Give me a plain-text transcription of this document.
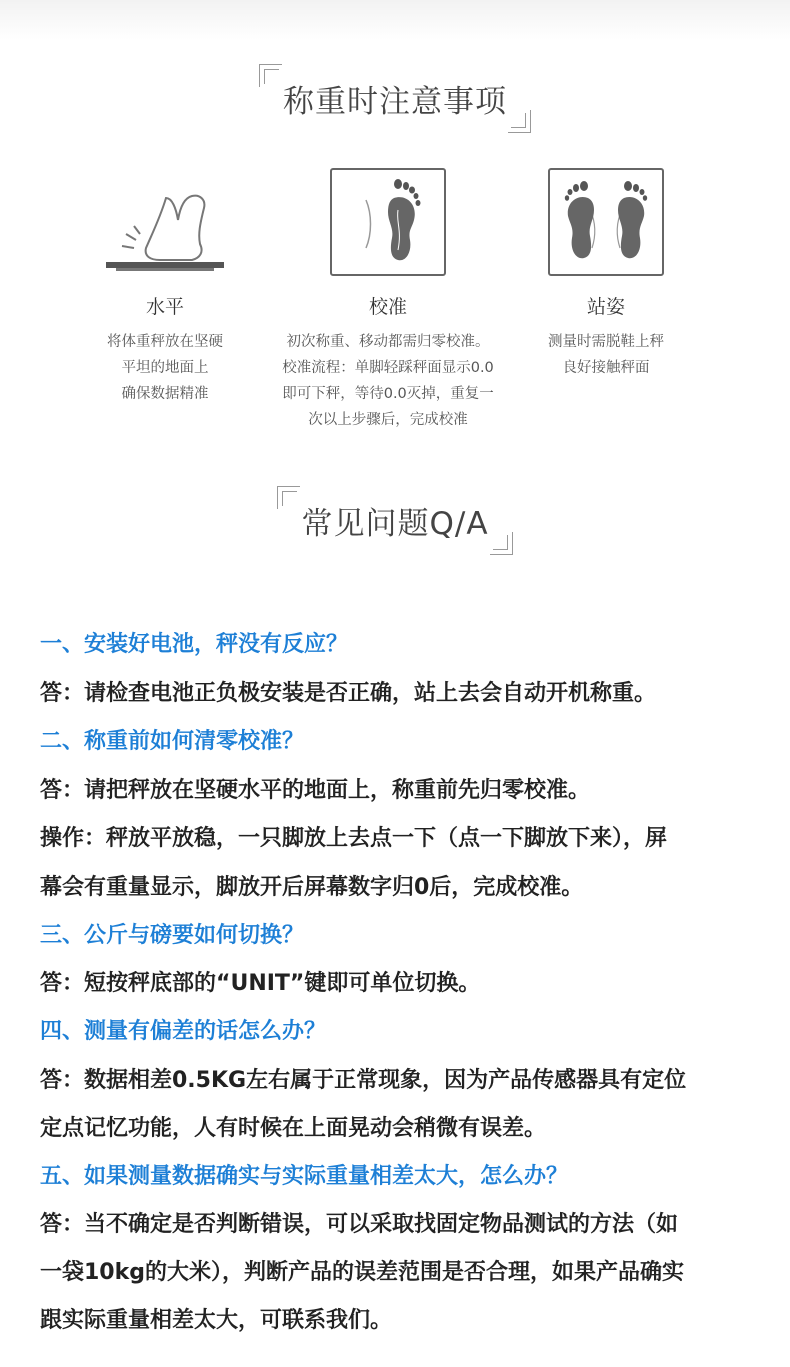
称重时注意事项
水平
将体重秤放在坚硬
平坦的地面上
确保数据精准
校准
初次称重、移动都需归零校准。
校准流程：单脚轻踩秤面显示0.0
即可下秤，等待0.0灭掉，重复一
次以上步骤后，完成校准
站姿
测量时需脱鞋上秤
良好接触秤面
常见问题Q/A
一、安装好电池，秤没有反应？
答：请检查电池正负极安装是否正确，站上去会自动开机称重。
二、称重前如何清零校准？
答：请把秤放在坚硬水平的地面上，称重前先归零校准。
操作：秤放平放稳，一只脚放上去点一下（点一下脚放下来），屏
幕会有重量显示，脚放开后屏幕数字归0后，完成校准。
三、公斤与磅要如何切换？
答：短按秤底部的“UNIT”键即可单位切换。
四、测量有偏差的话怎么办？
答：数据相差0.5KG左右属于正常现象，因为产品传感器具有定位
定点记忆功能，人有时候在上面晃动会稍微有误差。
五、如果测量数据确实与实际重量相差太大，怎么办？
答：当不确定是否判断错误，可以采取找固定物品测试的方法（如
一袋10kg的大米），判断产品的误差范围是否合理，如果产品确实
跟实际重量相差太大，可联系我们。
